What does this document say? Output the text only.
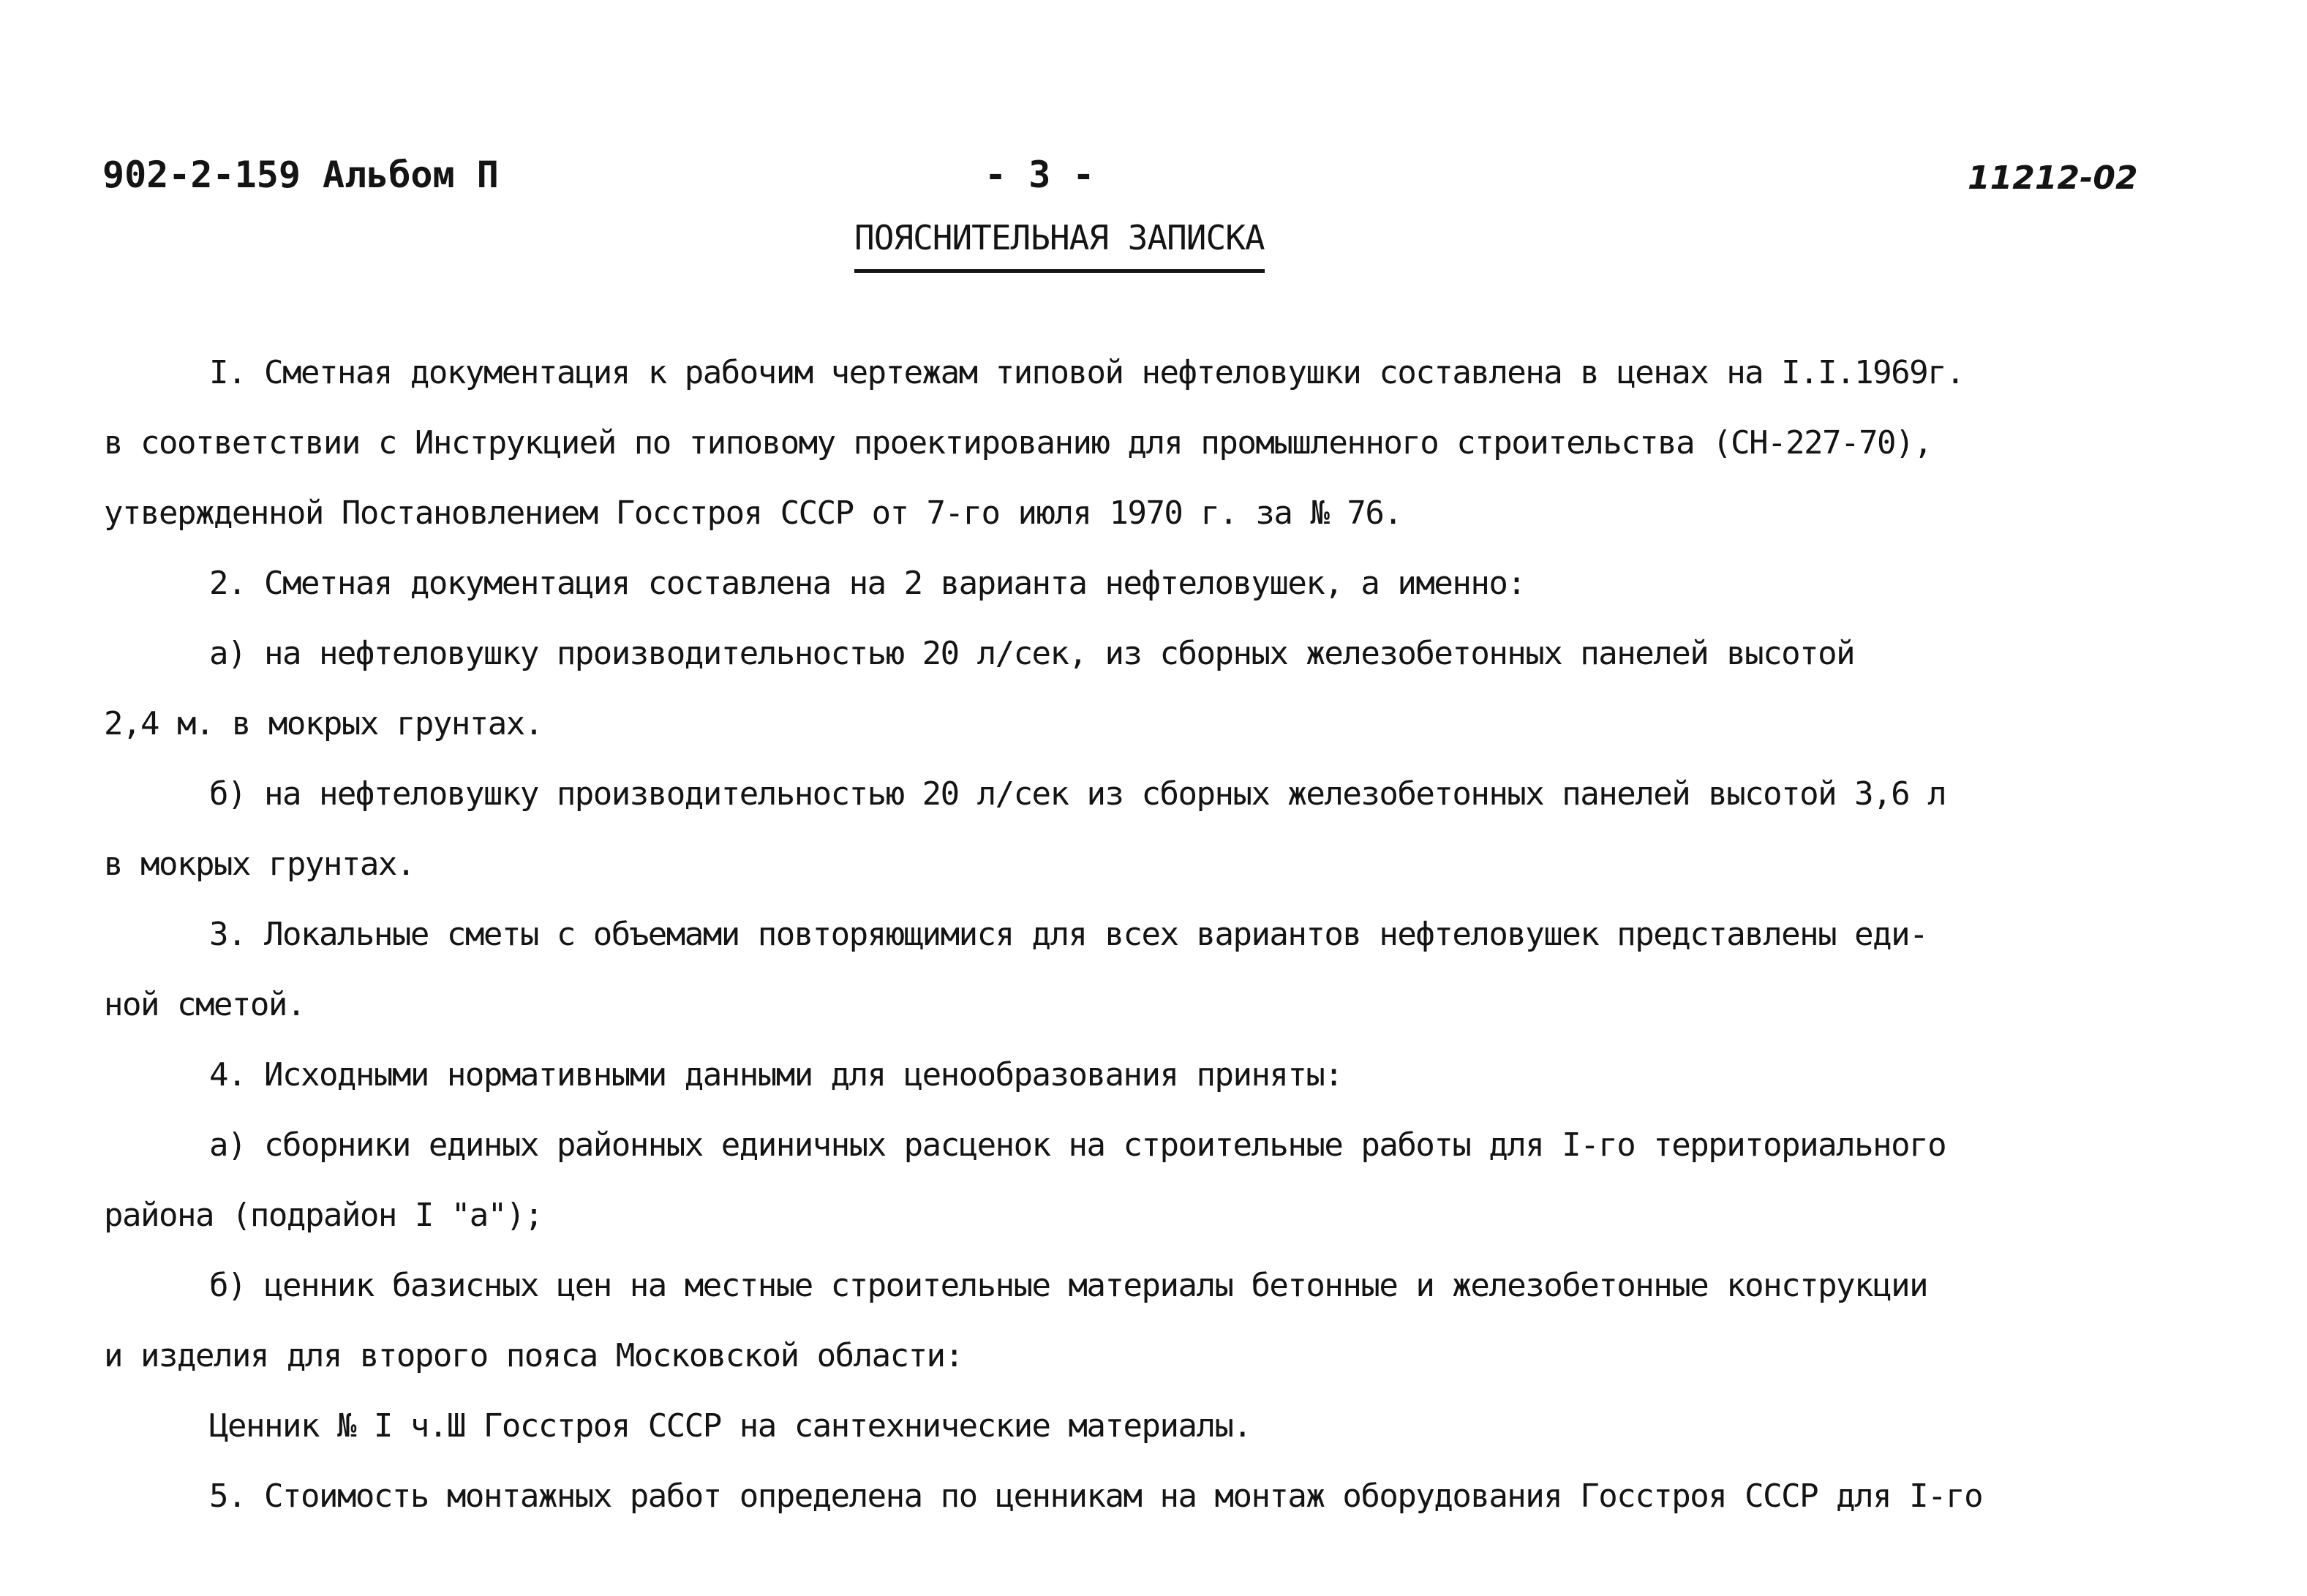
902-2-159 Альбом П	- 3 -	11212-02
ПОЯСНИТЕЛЬНАЯ ЗАПИСКА
I. Сметная документация к рабочим чертежам типовой нефтеловушки составлена в ценах на I.I.1969г.
в соответствии с Инструкцией по типовому проектированию для промышленного строительства (СН-227-70),
утвержденной Постановлением Госстроя СССР от 7-го июля 1970 г. за № 76.
2. Сметная документация составлена на 2 варианта нефтеловушек, а именно:
а) на нефтеловушку производительностью 20 л/сек, из сборных железобетонных панелей высотой
2,4 м. в мокрых грунтах.
б) на нефтеловушку производительностью 20 л/сек из сборных железобетонных панелей высотой 3,6 л
в мокрых грунтах.
3. Локальные сметы с объемами повторяющимися для всех вариантов нефтеловушек представлены еди-
ной сметой.
4. Исходными нормативными данными для ценообразования приняты:
а) сборники единых районных единичных расценок на строительные работы для I-го территориального
района (подрайон I "а");
б) ценник базисных цен на местные строительные материалы бетонные и железобетонные конструкции
и изделия для второго пояса Московской области:
Ценник № I ч.Ш Госстроя СССР на сантехнические материалы.
5. Стоимость монтажных работ определена по ценникам на монтаж оборудования Госстроя СССР для I-го
